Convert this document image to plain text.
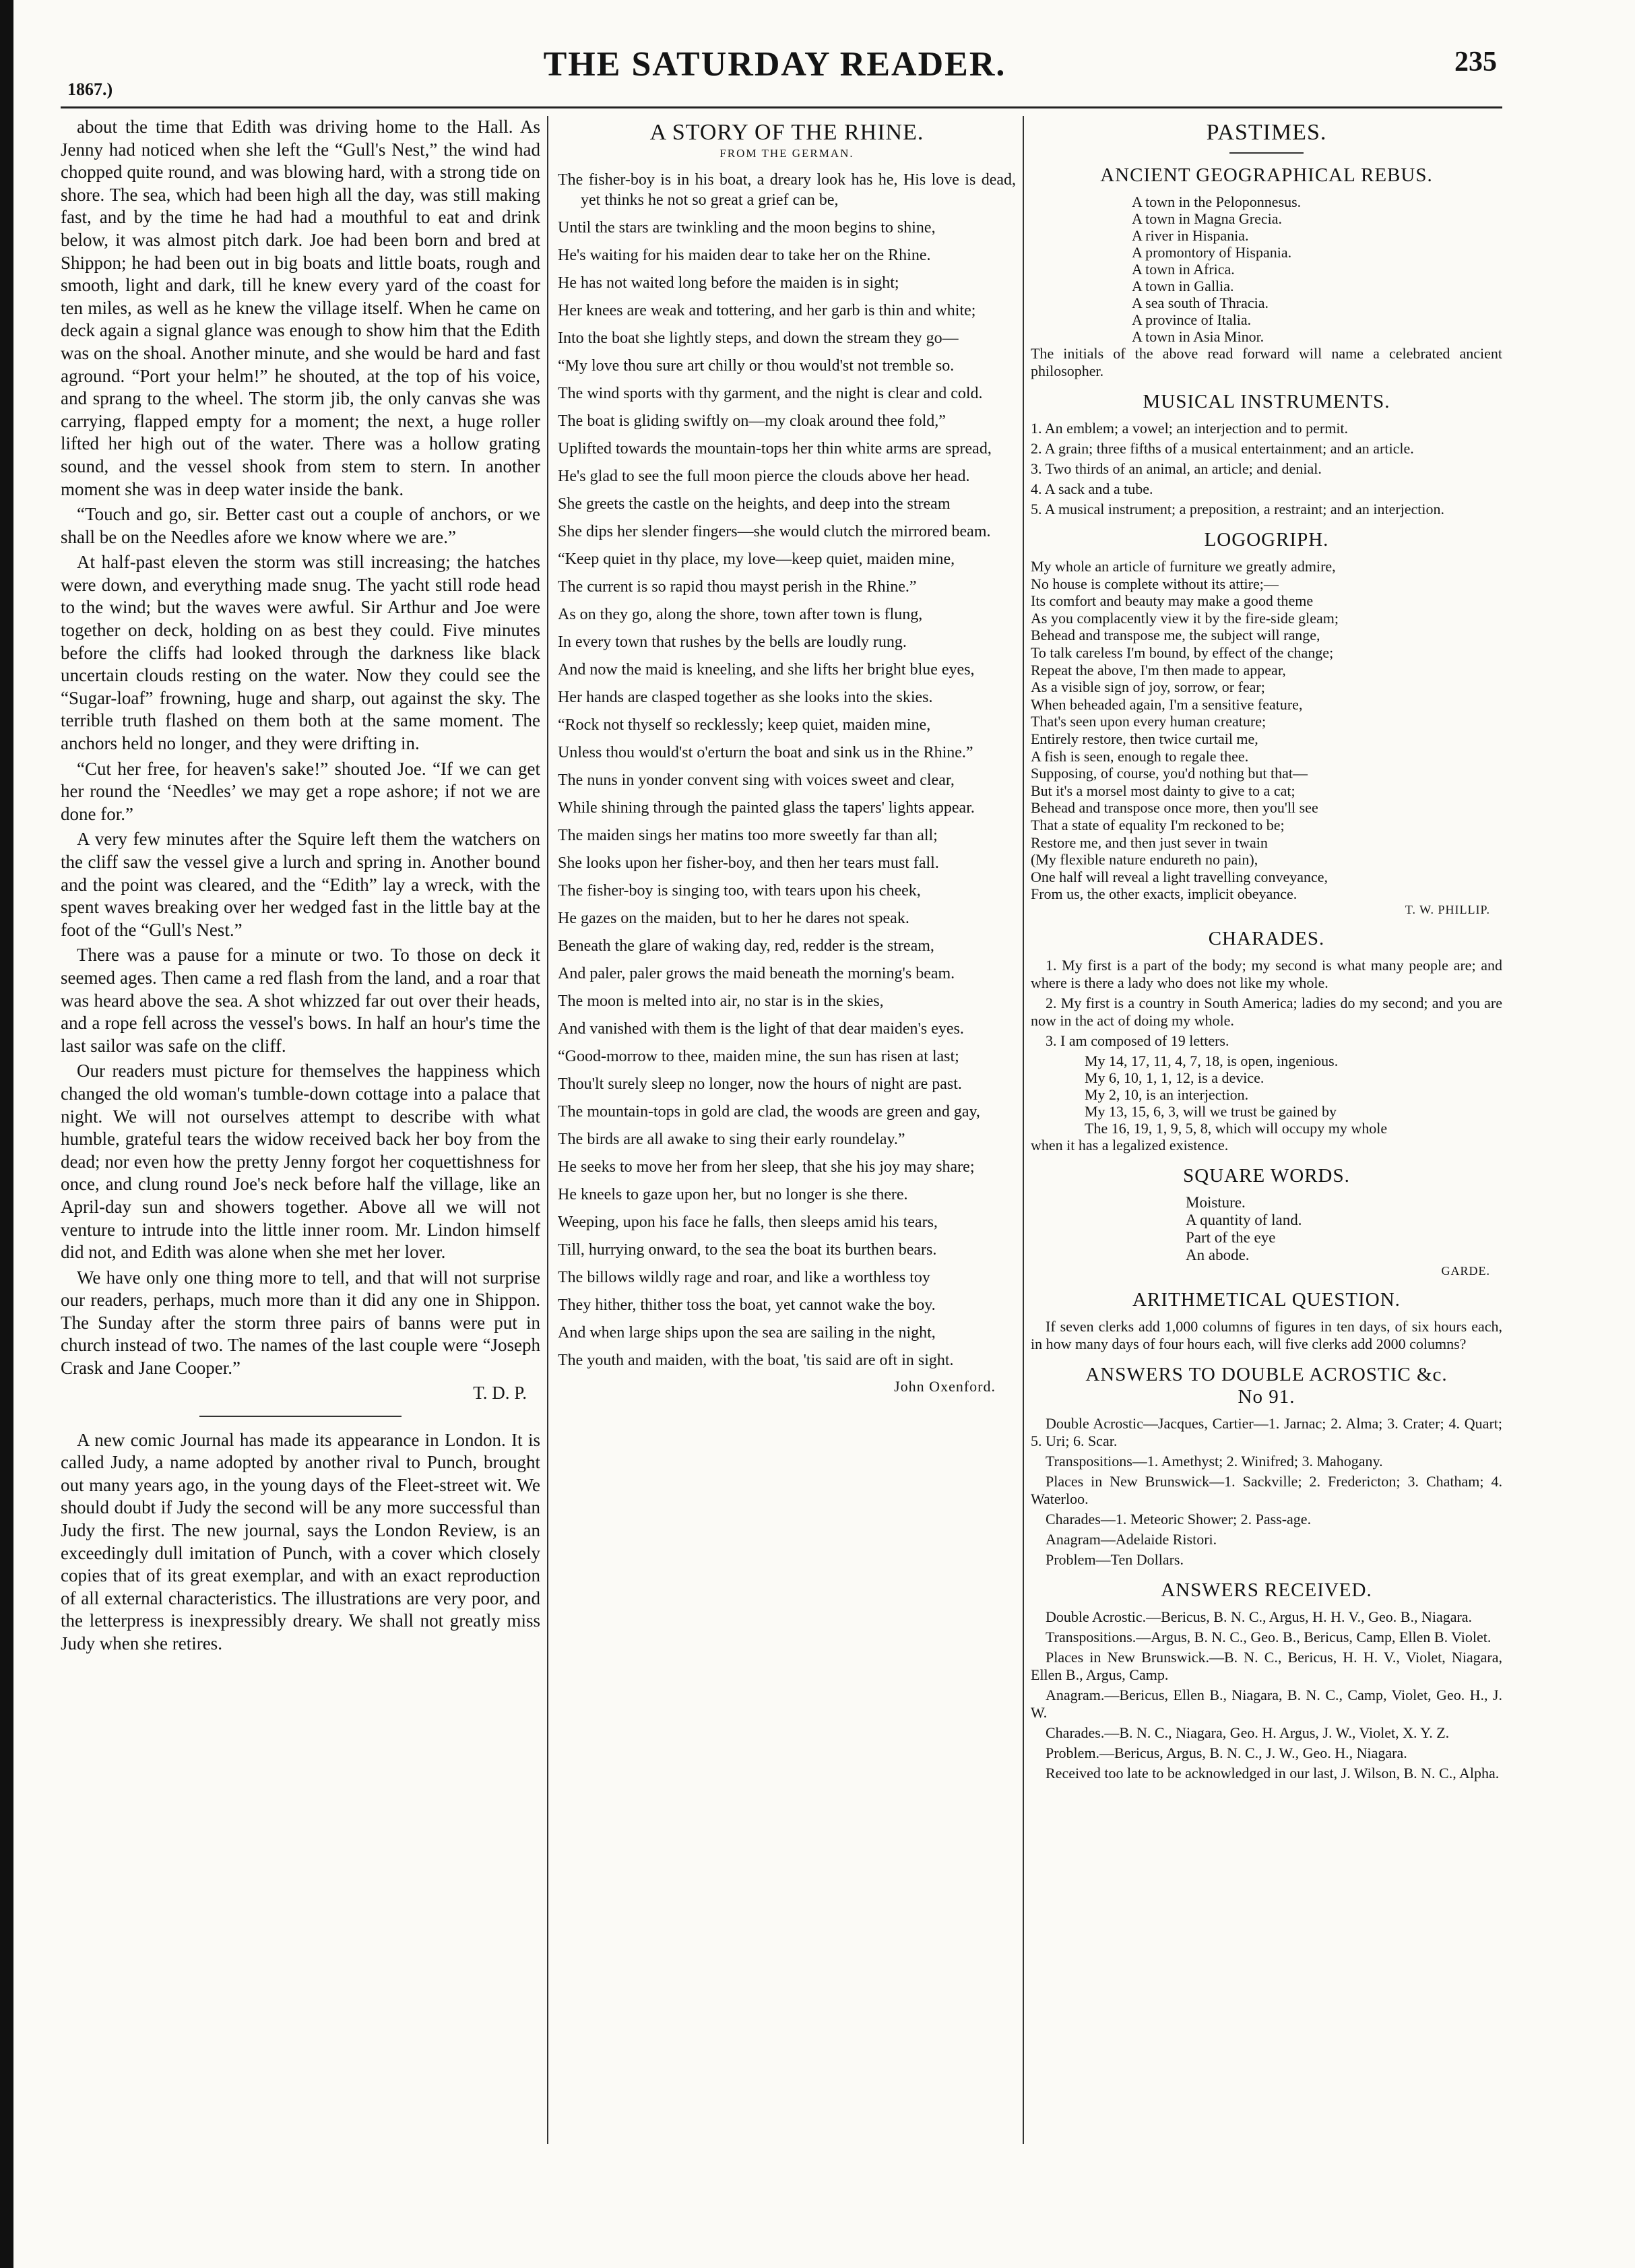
1867.)
THE SATURDAY READER.	235

about the time that Edith was driving home to the Hall. As Jenny had noticed when she left the “Gull's Nest,” the wind had chopped quite round, and was blowing hard, with a strong tide on shore. The sea, which had been high all the day, was still making fast, and by the time he had had a mouthful to eat and drink below, it was almost pitch dark. Joe had been born and bred at Shippon; he had been out in big boats and little boats, rough and smooth, light and dark, till he knew every yard of the coast for ten miles, as well as he knew the village itself. When he came on deck again a signal glance was enough to show him that the Edith was on the shoal. Another minute, and she would be hard and fast aground. “Port your helm!” he shouted, at the top of his voice, and sprang to the wheel. The storm jib, the only canvas she was carrying, flapped empty for a moment; the next, a huge roller lifted her high out of the water. There was a hollow grating sound, and the vessel shook from stem to stern. In another moment she was in deep water inside the bank.

“Touch and go, sir. Better cast out a couple of anchors, or we shall be on the Needles afore we know where we are.”

At half-past eleven the storm was still increasing; the hatches were down, and everything made snug. The yacht still rode head to the wind; but the waves were awful. Sir Arthur and Joe were together on deck, holding on as best they could. Five minutes before the cliffs had looked through the darkness like black uncertain clouds resting on the water. Now they could see the “Sugar-loaf” frowning, huge and sharp, out against the sky. The terrible truth flashed on them both at the same moment. The anchors held no longer, and they were drifting in.

“Cut her free, for heaven's sake!” shouted Joe. “If we can get her round the ‘Needles’ we may get a rope ashore; if not we are done for.”

A very few minutes after the Squire left them the watchers on the cliff saw the vessel give a lurch and spring in. Another bound and the point was cleared, and the “Edith” lay a wreck, with the spent waves breaking over her wedged fast in the little bay at the foot of the “Gull's Nest.”

There was a pause for a minute or two. To those on deck it seemed ages. Then came a red flash from the land, and a roar that was heard above the sea. A shot whizzed far out over their heads, and a rope fell across the vessel's bows. In half an hour's time the last sailor was safe on the cliff.

Our readers must picture for themselves the happiness which changed the old woman's tumble-down cottage into a palace that night. We will not ourselves attempt to describe with what humble, grateful tears the widow received back her boy from the dead; nor even how the pretty Jenny forgot her coquettishness for once, and clung round Joe's neck before half the village, like an April-day sun and showers together. Above all we will not venture to intrude into the little inner room. Mr. Lindon himself did not, and Edith was alone when she met her lover.

We have only one thing more to tell, and that will not surprise our readers, perhaps, much more than it did any one in Shippon. The Sunday after the storm three pairs of banns were put in church instead of two. The names of the last couple were “Joseph Crask and Jane Cooper.”

T. D. P.

A new comic Journal has made its appearance in London. It is called Judy, a name adopted by another rival to Punch, brought out many years ago, in the young days of the Fleet-street wit. We should doubt if Judy the second will be any more successful than Judy the first. The new journal, says the London Review, is an exceedingly dull imitation of Punch, with a cover which closely copies that of its great exemplar, and with an exact reproduction of all external characteristics. The illustrations are very poor, and the letterpress is inexpressibly dreary. We shall not greatly miss Judy when she retires.

A STORY OF THE RHINE.
FROM THE GERMAN.

The fisher-boy is in his boat, a dreary look has he, His love is dead, yet thinks he not so great a grief can be,

Until the stars are twinkling and the moon begins to shine,

He's waiting for his maiden dear to take her on the Rhine.

He has not waited long before the maiden is in sight;

Her knees are weak and tottering, and her garb is thin and white;

Into the boat she lightly steps, and down the stream they go—

“My love thou sure art chilly or thou would'st not tremble so.

The wind sports with thy garment, and the night is clear and cold.

The boat is gliding swiftly on—my cloak around thee fold,”

Uplifted towards the mountain-tops her thin white arms are spread,

He's glad to see the full moon pierce the clouds above her head.

She greets the castle on the heights, and deep into the stream

She dips her slender fingers—she would clutch the mirrored beam.

“Keep quiet in thy place, my love—keep quiet, maiden mine,

The current is so rapid thou mayst perish in the Rhine.”

As on they go, along the shore, town after town is flung,

In every town that rushes by the bells are loudly rung.

And now the maid is kneeling, and she lifts her bright blue eyes,

Her hands are clasped together as she looks into the skies.

“Rock not thyself so recklessly; keep quiet, maiden mine,

Unless thou would'st o'erturn the boat and sink us in the Rhine.”

The nuns in yonder convent sing with voices sweet and clear,

While shining through the painted glass the tapers' lights appear.

The maiden sings her matins too more sweetly far than all;

She looks upon her fisher-boy, and then her tears must fall.

The fisher-boy is singing too, with tears upon his cheek,

He gazes on the maiden, but to her he dares not speak.

Beneath the glare of waking day, red, redder is the stream,

And paler, paler grows the maid beneath the morning's beam.

The moon is melted into air, no star is in the skies,

And vanished with them is the light of that dear maiden's eyes.

“Good-morrow to thee, maiden mine, the sun has risen at last;

Thou'lt surely sleep no longer, now the hours of night are past.

The mountain-tops in gold are clad, the woods are green and gay,

The birds are all awake to sing their early roundelay.”

He seeks to move her from her sleep, that she his joy may share;

He kneels to gaze upon her, but no longer is she there.

Weeping, upon his face he falls, then sleeps amid his tears,

Till, hurrying onward, to the sea the boat its burthen bears.

The billows wildly rage and roar, and like a worthless toy

They hither, thither toss the boat, yet cannot wake the boy.

And when large ships upon the sea are sailing in the night,

The youth and maiden, with the boat, 'tis said are oft in sight.

John Oxenford.
PASTIMES.
ANCIENT GEOGRAPHICAL REBUS.

A town in the Peloponnesus.

A town in Magna Grecia.

A river in Hispania.

A promontory of Hispania.

A town in Africa.

A town in Gallia.

A sea south of Thracia.

A province of Italia.

A town in Asia Minor.

The initials of the above read forward will name a celebrated ancient philosopher.

MUSICAL INSTRUMENTS.

1. An emblem; a vowel; an interjection and to permit.

2. A grain; three fifths of a musical entertainment; and an article.

3. Two thirds of an animal, an article; and denial.

4. A sack and a tube.

5. A musical instrument; a preposition, a restraint; and an interjection.

LOGOGRIPH.

My whole an article of furniture we greatly admire,

No house is complete without its attire;—

Its comfort and beauty may make a good theme

As you complacently view it by the fire-side gleam;

Behead and transpose me, the subject will range,

To talk careless I'm bound, by effect of the change;

Repeat the above, I'm then made to appear,

As a visible sign of joy, sorrow, or fear;

When beheaded again, I'm a sensitive feature,

That's seen upon every human creature;

Entirely restore, then twice curtail me,

A fish is seen, enough to regale thee.

Supposing, of course, you'd nothing but that—

But it's a morsel most dainty to give to a cat;

Behead and transpose once more, then you'll see

That a state of equality I'm reckoned to be;

Restore me, and then just sever in twain

(My flexible nature endureth no pain),

One half will reveal a light travelling conveyance,

From us, the other exacts, implicit obeyance.

T. W. PHILLIP.
CHARADES.

1. My first is a part of the body; my second is what many people are; and where is there a lady who does not like my whole.

2. My first is a country in South America; ladies do my second; and you are now in the act of doing my whole.

3. I am composed of 19 letters.

My 14, 17, 11, 4, 7, 18, is open, ingenious.

My 6, 10, 1, 1, 12, is a device.

My 2, 10, is an interjection.

My 13, 15, 6, 3, will we trust be gained by

The 16, 19, 1, 9, 5, 8, which will occupy my whole

when it has a legalized existence.

SQUARE WORDS.

Moisture.

A quantity of land.

Part of the eye

An abode.

GARDE.
ARITHMETICAL QUESTION.

If seven clerks add 1,000 columns of figures in ten days, of six hours each, in how many days of four hours each, will five clerks add 2000 columns?

ANSWERS TO DOUBLE ACROSTIC &c.
No 91.

Double Acrostic—Jacques, Cartier—1. Jarnac; 2. Alma; 3. Crater; 4. Quart; 5. Uri; 6. Scar.

Transpositions—1. Amethyst; 2. Winifred; 3. Mahogany.

Places in New Brunswick—1. Sackville; 2. Fredericton; 3. Chatham; 4. Waterloo.

Charades—1. Meteoric Shower; 2. Pass-age.

Anagram—Adelaide Ristori.

Problem—Ten Dollars.

ANSWERS RECEIVED.

Double Acrostic.—Bericus, B. N. C., Argus, H. H. V., Geo. B., Niagara.

Transpositions.—Argus, B. N. C., Geo. B., Bericus, Camp, Ellen B. Violet.

Places in New Brunswick.—B. N. C., Bericus, H. H. V., Violet, Niagara, Ellen B., Argus, Camp.

Anagram.—Bericus, Ellen B., Niagara, B. N. C., Camp, Violet, Geo. H., J. W.

Charades.—B. N. C., Niagara, Geo. H. Argus, J. W., Violet, X. Y. Z.

Problem.—Bericus, Argus, B. N. C., J. W., Geo. H., Niagara.

Received too late to be acknowledged in our last, J. Wilson, B. N. C., Alpha.
